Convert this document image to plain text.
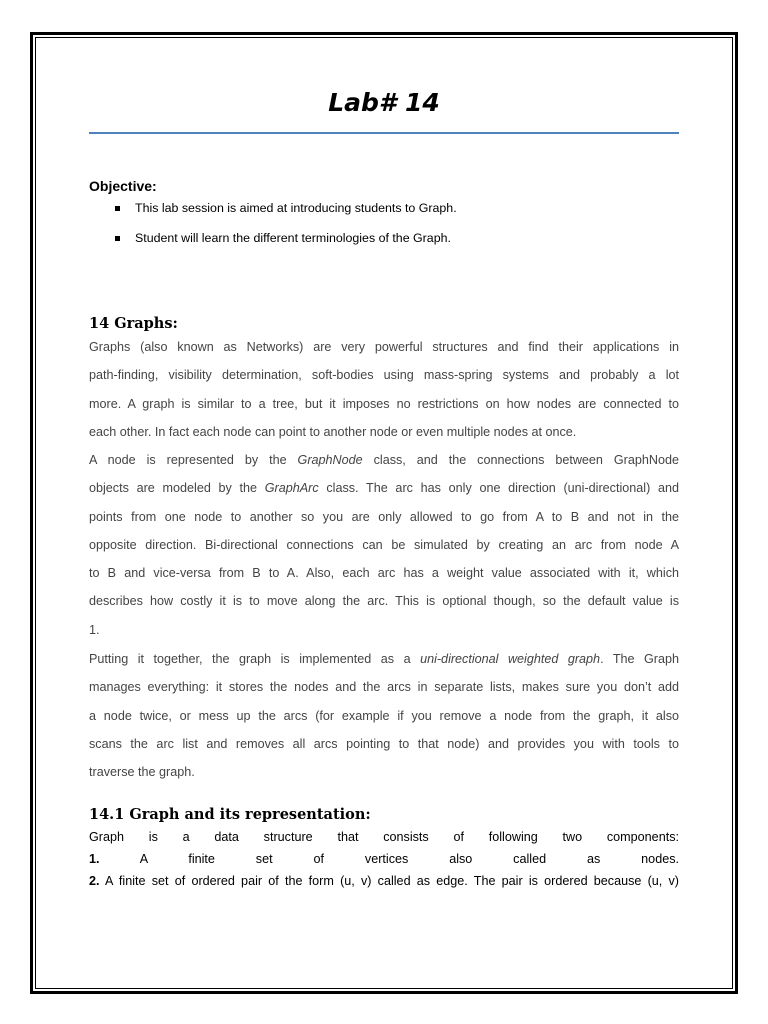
Lab# 14
Objective:
This lab session is aimed at introducing students to Graph.
Student will learn the different terminologies of the Graph.
14 Graphs:
Graphs (also known as Networks) are very powerful structures and find their applications in
path-finding, visibility determination, soft-bodies using mass-spring systems and probably a lot
more. A graph is similar to a tree, but it imposes no restrictions on how nodes are connected to
each other. In fact each node can point to another node or even multiple nodes at once.
A node is represented by the GraphNode class, and the connections between GraphNode
objects are modeled by the GraphArc class. The arc has only one direction (uni-directional) and
points from one node to another so you are only allowed to go from A to B and not in the
opposite direction. Bi-directional connections can be simulated by creating an arc from node A
to B and vice-versa from B to A. Also, each arc has a weight value associated with it, which
describes how costly it is to move along the arc. This is optional though, so the default value is
1.
Putting it together, the graph is implemented as a uni-directional weighted graph. The Graph
manages everything: it stores the nodes and the arcs in separate lists, makes sure you don’t add
a node twice, or mess up the arcs (for example if you remove a node from the graph, it also
scans the arc list and removes all arcs pointing to that node) and provides you with tools to
traverse the graph.
14.1 Graph and its representation:
Graph is a data structure that consists of following two components:
1. A finite set of vertices also called as nodes.
2. A finite set of ordered pair of the form (u, v) called as edge. The pair is ordered because (u, v)
